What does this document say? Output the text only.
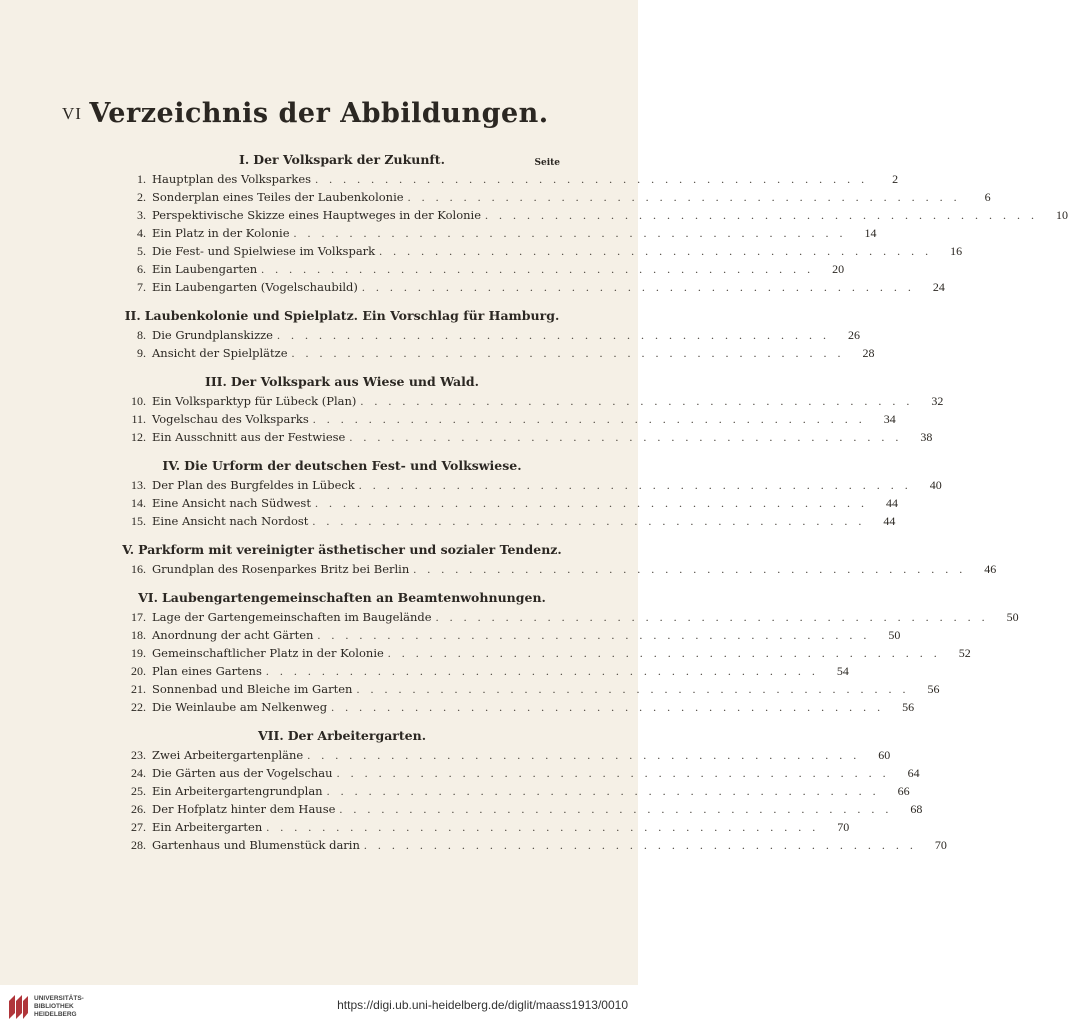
VI Verzeichnis der Abbildungen.
Seite
I. Der Volkspark der Zukunft.
1. Hauptplan des Volksparkes . . . . . . . . . . . . . . . . . . . . . . . . . . . . . . . . . . . . . . . .	2
2. Sonderplan eines Teiles der Laubenkolonie . . . . . . . . . . . . . . . . . . . . . . . . . . . . . . . . . . . . . . . .	6
3. Perspektivische Skizze eines Hauptweges in der Kolonie . . . . . . . . . . . . . . . . . . . . . . . . . . . . . . . . . . . . . . . .	10
4. Ein Platz in der Kolonie . . . . . . . . . . . . . . . . . . . . . . . . . . . . . . . . . . . . . . . .	14
5. Die Fest- und Spielwiese im Volkspark . . . . . . . . . . . . . . . . . . . . . . . . . . . . . . . . . . . . . . . .	16
6. Ein Laubengarten . . . . . . . . . . . . . . . . . . . . . . . . . . . . . . . . . . . . . . . .	20
7. Ein Laubengarten (Vogelschaubild) . . . . . . . . . . . . . . . . . . . . . . . . . . . . . . . . . . . . . . . .	24
II. Laubenkolonie und Spielplatz. Ein Vorschlag für Hamburg.
8. Die Grundplanskizze . . . . . . . . . . . . . . . . . . . . . . . . . . . . . . . . . . . . . . . .	26
9. Ansicht der Spielplätze . . . . . . . . . . . . . . . . . . . . . . . . . . . . . . . . . . . . . . . .	28
III. Der Volkspark aus Wiese und Wald.
10. Ein Volksparktyp für Lübeck (Plan) . . . . . . . . . . . . . . . . . . . . . . . . . . . . . . . . . . . . . . . .	32
11. Vogelschau des Volksparks . . . . . . . . . . . . . . . . . . . . . . . . . . . . . . . . . . . . . . . .	34
12. Ein Ausschnitt aus der Festwiese . . . . . . . . . . . . . . . . . . . . . . . . . . . . . . . . . . . . . . . .	38
IV. Die Urform der deutschen Fest- und Volkswiese.
13. Der Plan des Burgfeldes in Lübeck . . . . . . . . . . . . . . . . . . . . . . . . . . . . . . . . . . . . . . . .	40
14. Eine Ansicht nach Südwest . . . . . . . . . . . . . . . . . . . . . . . . . . . . . . . . . . . . . . . .	44
15. Eine Ansicht nach Nordost . . . . . . . . . . . . . . . . . . . . . . . . . . . . . . . . . . . . . . . .	44
V. Parkform mit vereinigter ästhetischer und sozialer Tendenz.
16. Grundplan des Rosenparkes Britz bei Berlin . . . . . . . . . . . . . . . . . . . . . . . . . . . . . . . . . . . . . . . .	46
VI. Laubengartengemeinschaften an Beamtenwohnungen.
17. Lage der Gartengemeinschaften im Baugelände . . . . . . . . . . . . . . . . . . . . . . . . . . . . . . . . . . . . . . . .	50
18. Anordnung der acht Gärten . . . . . . . . . . . . . . . . . . . . . . . . . . . . . . . . . . . . . . . .	50
19. Gemeinschaftlicher Platz in der Kolonie . . . . . . . . . . . . . . . . . . . . . . . . . . . . . . . . . . . . . . . .	52
20. Plan eines Gartens . . . . . . . . . . . . . . . . . . . . . . . . . . . . . . . . . . . . . . . .	54
21. Sonnenbad und Bleiche im Garten . . . . . . . . . . . . . . . . . . . . . . . . . . . . . . . . . . . . . . . .	56
22. Die Weinlaube am Nelkenweg . . . . . . . . . . . . . . . . . . . . . . . . . . . . . . . . . . . . . . . .	56
VII. Der Arbeitergarten.
23. Zwei Arbeitergartenpläne . . . . . . . . . . . . . . . . . . . . . . . . . . . . . . . . . . . . . . . .	60
24. Die Gärten aus der Vogelschau . . . . . . . . . . . . . . . . . . . . . . . . . . . . . . . . . . . . . . . .	64
25. Ein Arbeitergartengrundplan . . . . . . . . . . . . . . . . . . . . . . . . . . . . . . . . . . . . . . . .	66
26. Der Hofplatz hinter dem Hause . . . . . . . . . . . . . . . . . . . . . . . . . . . . . . . . . . . . . . . .	68
27. Ein Arbeitergarten . . . . . . . . . . . . . . . . . . . . . . . . . . . . . . . . . . . . . . . .	70
28. Gartenhaus und Blumenstück darin . . . . . . . . . . . . . . . . . . . . . . . . . . . . . . . . . . . . . . . .	70
UNIVERSITÄTS-
BIBLIOTHEK
HEIDELBERG
https://digi.ub.uni-heidelberg.de/diglit/maass1913/0010
